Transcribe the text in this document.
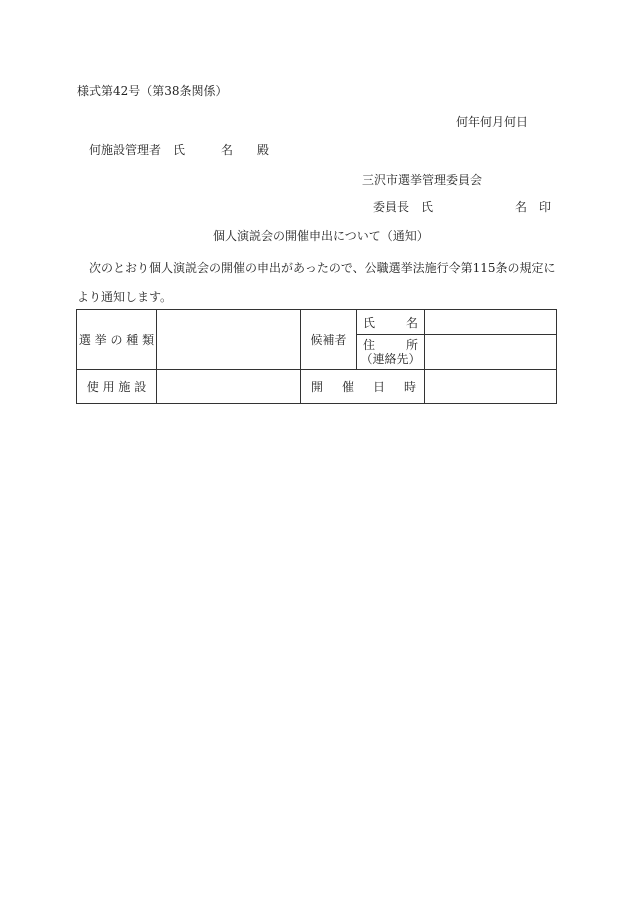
様式第42号（第38条関係）
何年何月何日
何施設管理者　 氏　　　名　　殿
三沢市選挙管理委員会
委員長　氏	名　印
個人演説会の開催申出について（通知）
次のとおり個人演説会の開催の申出があったので、公職選挙法施行令第115条の規定により通知します。
選 挙 の 種 類		候補者	氏 名	

			住 所
（連絡先）	

使 用 施 設		開 催 日 時		
